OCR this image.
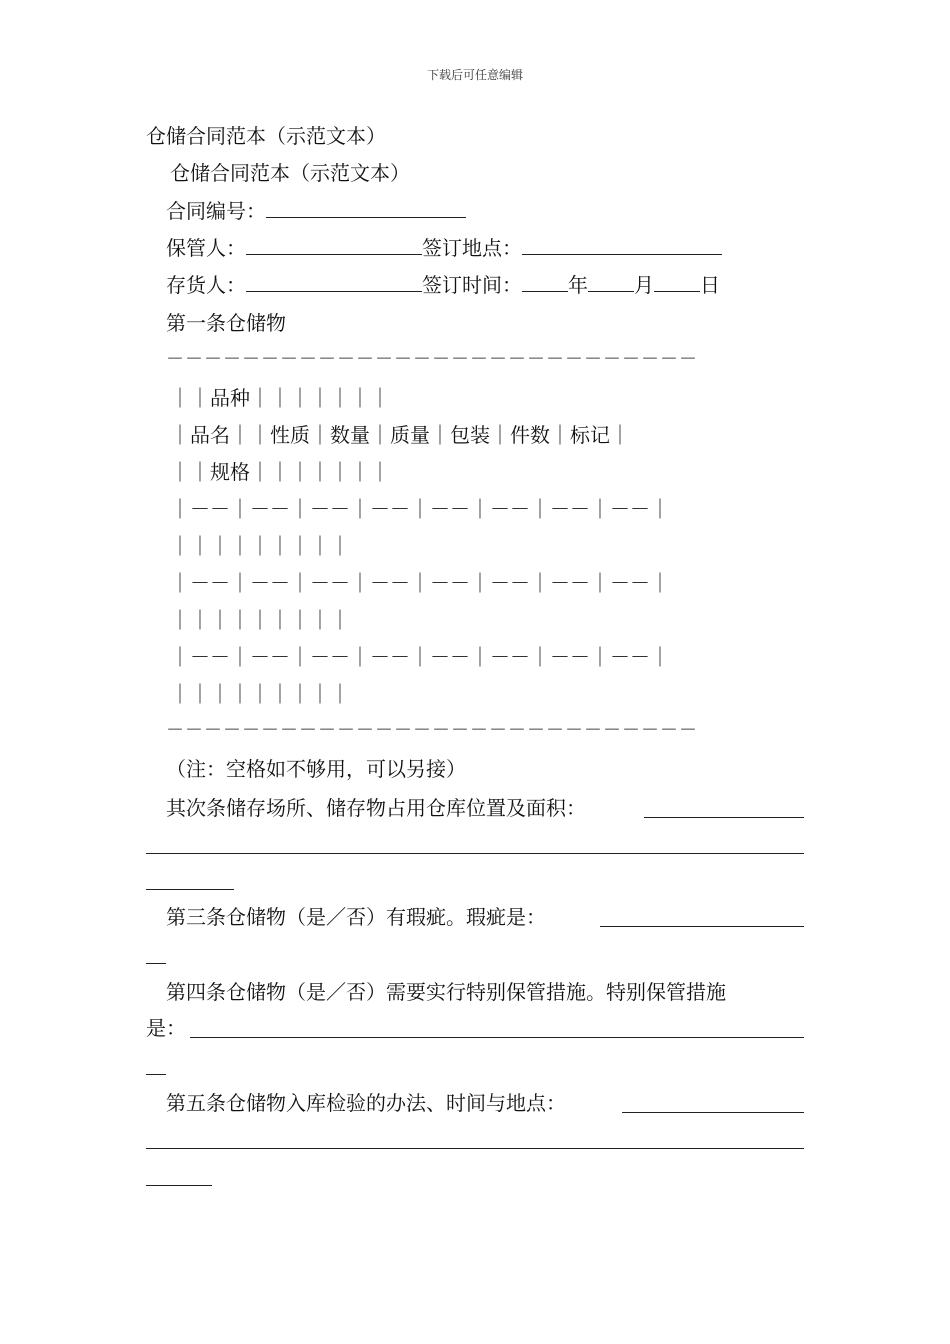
下载后可任意编辑
仓储合同范本（示范文本）
仓储合同范本（示范文本）
合同编号：
保管人：	签订地点：
存货人：	签订时间： 年 月 日
第一条仓储物
－－－－－－－－－－－－－－－－－－－－－－－－－－－－
｜｜品种｜｜｜｜｜｜｜
｜品名｜｜性质｜数量｜质量｜包装｜件数｜标记｜
｜｜规格｜｜｜｜｜｜｜
｜－－｜－－｜－－｜－－｜－－｜－－｜－－｜－－｜
｜｜｜｜｜｜｜｜｜
｜－－｜－－｜－－｜－－｜－－｜－－｜－－｜－－｜
｜｜｜｜｜｜｜｜｜
｜－－｜－－｜－－｜－－｜－－｜－－｜－－｜－－｜
｜｜｜｜｜｜｜｜｜
－－－－－－－－－－－－－－－－－－－－－－－－－－－－
（注：空格如不够用，可以另接）
其次条储存场所、储存物占用仓库位置及面积：
第三条仓储物（是／否）有瑕疵。瑕疵是：
第四条仓储物（是／否）需要实行特别保管措施。特别保管措施
是：
第五条仓储物入库检验的办法、时间与地点：
